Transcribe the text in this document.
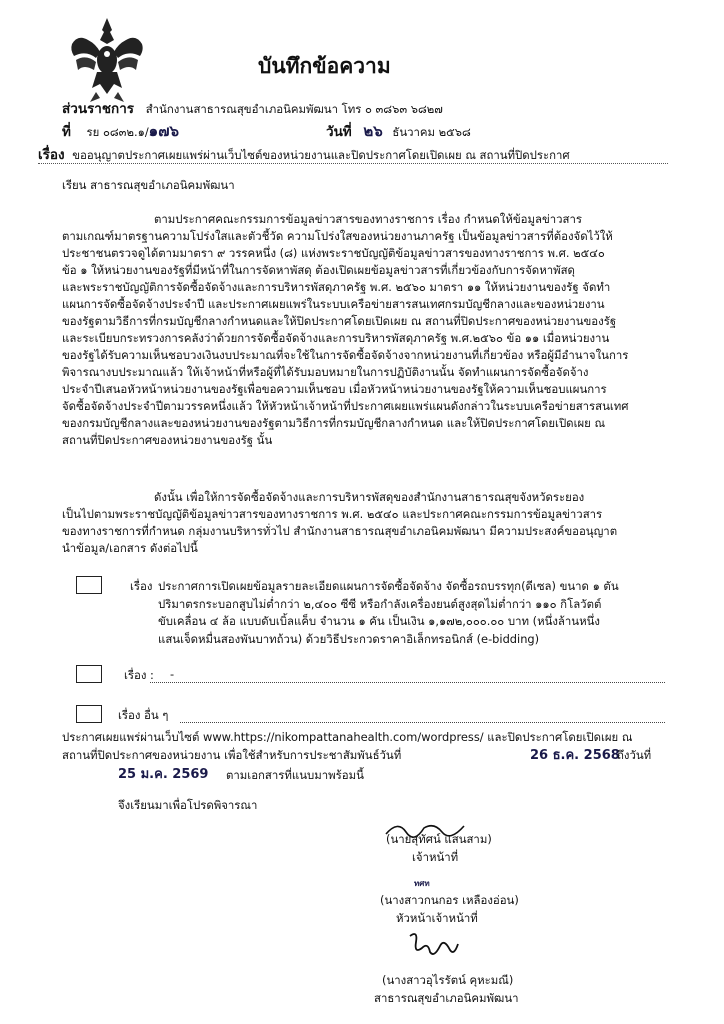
บันทึกข้อความ
ส่วนราชการ สำนักงานสาธารณสุขอำเภอนิคมพัฒนา โทร ๐ ๓๘๖๓ ๖๘๒๗
ที่ รย ๐๘๓๒.๑/๑๗๖	วันที่ ๒๖ ธันวาคม ๒๕๖๘
เรื่อง ขออนุญาตประกาศเผยแพร่ผ่านเว็บไซต์ของหน่วยงานและปิดประกาศโดยเปิดเผย ณ สถานที่ปิดประกาศ
เรียน สาธารณสุขอำเภอนิคมพัฒนา
ตามประกาศคณะกรรมการข้อมูลข่าวสารของทางราชการ เรื่อง กำหนดให้ข้อมูลข่าวสาร
ตามเกณฑ์มาตรฐานความโปร่งใสและตัวชี้วัด ความโปร่งใสของหน่วยงานภาครัฐ เป็นข้อมูลข่าวสารที่ต้องจัดไว้ให้
ประชาชนตรวจดูได้ตามมาตรา ๙ วรรคหนึ่ง (๘) แห่งพระราชบัญญัติข้อมูลข่าวสารของทางราชการ พ.ศ. ๒๕๔๐
ข้อ ๑ ให้หน่วยงานของรัฐที่มีหน้าที่ในการจัดหาพัสดุ ต้องเปิดเผยข้อมูลข่าวสารที่เกี่ยวข้องกับการจัดหาพัสดุ
และพระราชบัญญัติการจัดซื้อจัดจ้างและการบริหารพัสดุภาครัฐ พ.ศ. ๒๕๖๐ มาตรา ๑๑ ให้หน่วยงานของรัฐ จัดทำ
แผนการจัดซื้อจัดจ้างประจำปี และประกาศเผยแพร่ในระบบเครือข่ายสารสนเทศกรมบัญชีกลางและของหน่วยงาน
ของรัฐตามวิธีการที่กรมบัญชีกลางกำหนดและให้ปิดประกาศโดยเปิดเผย ณ สถานที่ปิดประกาศของหน่วยงานของรัฐ
และระเบียบกระทรวงการคลังว่าด้วยการจัดซื้อจัดจ้างและการบริหารพัสดุภาครัฐ พ.ศ.๒๕๖๐ ข้อ ๑๑ เมื่อหน่วยงาน
ของรัฐได้รับความเห็นชอบวงเงินงบประมาณที่จะใช้ในการจัดซื้อจัดจ้างจากหน่วยงานที่เกี่ยวข้อง หรือผู้มีอำนาจในการ
พิจารณางบประมาณแล้ว ให้เจ้าหน้าที่หรือผู้ที่ได้รับมอบหมายในการปฏิบัติงานนั้น จัดทำแผนการจัดซื้อจัดจ้าง
ประจำปีเสนอหัวหน้าหน่วยงานของรัฐเพื่อขอความเห็นชอบ เมื่อหัวหน้าหน่วยงานของรัฐให้ความเห็นชอบแผนการ
จัดซื้อจัดจ้างประจำปีตามวรรคหนึ่งแล้ว ให้หัวหน้าเจ้าหน้าที่ประกาศเผยแพร่แผนดังกล่าวในระบบเครือข่ายสารสนเทศ
ของกรมบัญชีกลางและของหน่วยงานของรัฐตามวิธีการที่กรมบัญชีกลางกำหนด และให้ปิดประกาศโดยเปิดเผย ณ
สถานที่ปิดประกาศของหน่วยงานของรัฐ นั้น
ดังนั้น เพื่อให้การจัดซื้อจัดจ้างและการบริหารพัสดุของสำนักงานสาธารณสุขจังหวัดระยอง
เป็นไปตามพระราชบัญญัติข้อมูลข่าวสารของทางราชการ พ.ศ. ๒๕๔๐ และประกาศคณะกรรมการข้อมูลข่าวสาร
ของทางราชการที่กำหนด กลุ่มงานบริหารทั่วไป สำนักงานสาธารณสุขอำเภอนิคมพัฒนา มีความประสงค์ขออนุญาต
นำข้อมูล/เอกสาร ดังต่อไปนี้
เรื่อง ประกาศการเปิดเผยข้อมูลรายละเอียดแผนการจัดซื้อจัดจ้าง จัดซื้อรถบรรทุก(ดีเซล) ขนาด ๑ ตัน
ปริมาตรกระบอกสูบไม่ต่ำกว่า ๒,๔๐๐ ซีซี หรือกำลังเครื่องยนต์สูงสุดไม่ต่ำกว่า ๑๑๐ กิโลวัตต์
ขับเคลื่อน ๔ ล้อ แบบดับเบิ้ลแค็บ จำนวน ๑ คัน เป็นเงิน ๑,๑๗๒,๐๐๐.๐๐ บาท (หนึ่งล้านหนึ่ง
แสนเจ็ดหมื่นสองพันบาทถ้วน) ด้วยวิธีประกวดราคาอิเล็กทรอนิกส์ (e-bidding)
เรื่อง : -
เรื่อง อื่น ๆ
ประกาศเผยแพร่ผ่านเว็บไซต์ www.https://nikompattanahealth.com/wordpress/ และปิดประกาศโดยเปิดเผย ณ
สถานที่ปิดประกาศของหน่วยงาน เพื่อใช้สำหรับการประชาสัมพันธ์วันที่	26 ธ.ค. 2568
ถึงวันที่
25 ม.ค. 2569 ตามเอกสารที่แนบมาพร้อมนี้
จึงเรียนมาเพื่อโปรดพิจารณา
(นายสุทัศน์ แสนสาม)
เจ้าหน้าที่
ทศท
(นางสาวกนกอร เหลืองอ่อน)
หัวหน้าเจ้าหน้าที่
(นางสาวอุไรรัตน์ คุหะมณี)
สาธารณสุขอำเภอนิคมพัฒนา
